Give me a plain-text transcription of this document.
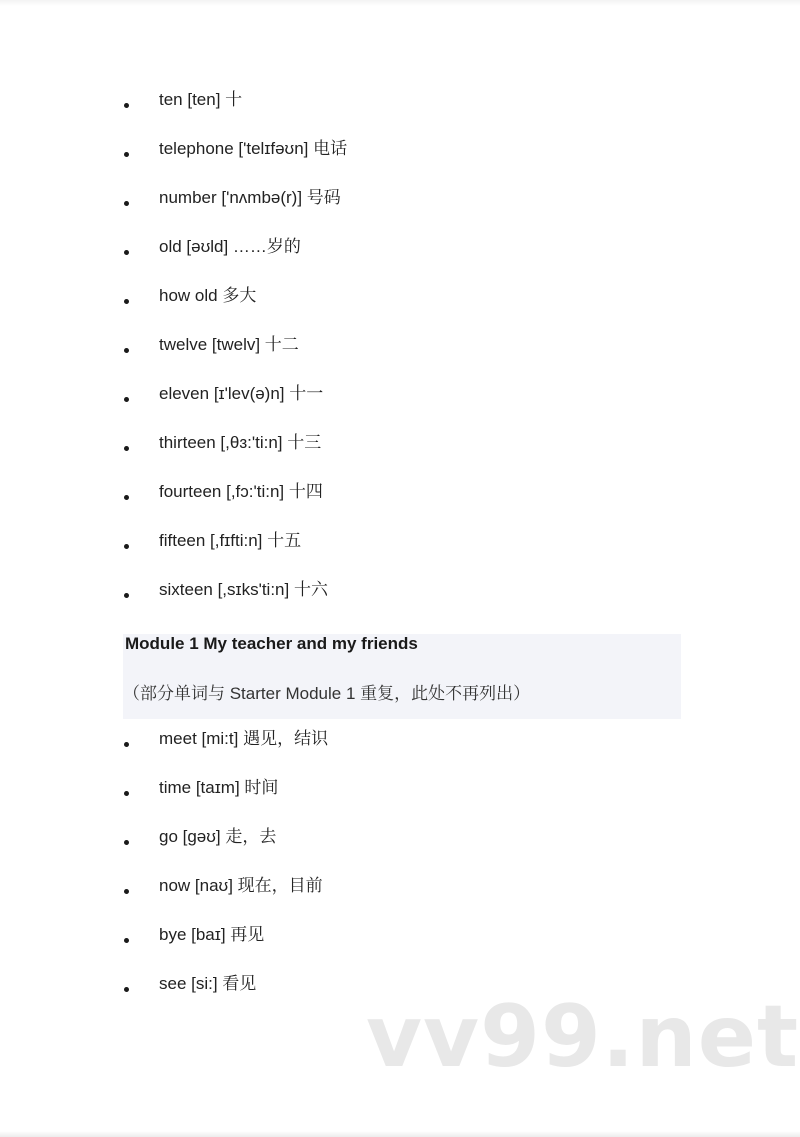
ten [ten] 十
telephone ['telɪfəʊn] 电话
number ['nʌmbə(r)] 号码
old [əʊld] ……岁的
how old 多大
twelve [twelv] 十二
eleven [ɪ'lev(ə)n] 十一
thirteen [,θɜ:'ti:n] 十三
fourteen [,fɔ:'ti:n] 十四
fifteen [,fɪfti:n] 十五
sixteen [,sɪks'ti:n] 十六
Module 1 My teacher and my friends
（部分单词与 Starter Module 1 重复，此处不再列出）
meet [mi:t] 遇见，结识
time [taɪm] 时间
go [gəʊ] 走，去
now [naʊ] 现在，目前
bye [baɪ] 再见
see [si:] 看见
vv99.net
